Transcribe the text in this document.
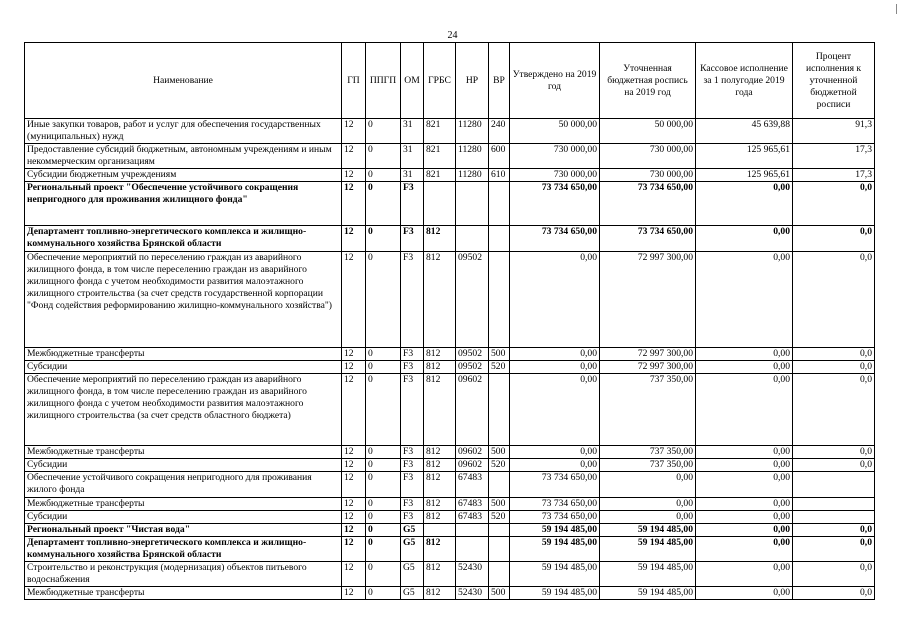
24
Наименование	ГП	ППГП	ОМ	ГРБС	НР	ВР	Утверждено на 2019 год	Уточненная бюджетная роспись на 2019 год	Кассовое исполнение за 1 полугодие 2019 года	Процент исполнения к уточненной бюджетной росписи
Иные закупки товаров, работ и услуг для обеспечения государственных (муниципальных) нужд	12	0	31	821	11280	240	50 000,00	50 000,00	45 639,88	91,3
Предоставление субсидий бюджетным, автономным учреждениям и иным некоммерческим организациям	12	0	31	821	11280	600	730 000,00	730 000,00	125 965,61	17,3
Субсидии бюджетным учреждениям	12	0	31	821	11280	610	730 000,00	730 000,00	125 965,61	17,3
Региональный проект "Обеспечение устойчивого сокращения непригодного для проживания жилищного фонда"	12	0	F3				73 734 650,00	73 734 650,00	0,00	0,0
Департамент топливно-энергетического комплекса и жилищно-коммунального хозяйства Брянской области	12	0	F3	812			73 734 650,00	73 734 650,00	0,00	0,0
Обеспечение мероприятий по переселению граждан из аварийного жилищного фонда, в том числе переселению граждан из аварийного жилищного фонда с учетом необходимости развития малоэтажного жилищного строительства (за счет средств государственной корпорации "Фонд содействия реформированию жилищно-коммунального хозяйства")	12	0	F3	812	09502		0,00	72 997 300,00	0,00	0,0
Межбюджетные трансферты	12	0	F3	812	09502	500	0,00	72 997 300,00	0,00	0,0
Субсидии	12	0	F3	812	09502	520	0,00	72 997 300,00	0,00	0,0
Обеспечение мероприятий по переселению граждан из аварийного жилищного фонда, в том числе переселению граждан из аварийного жилищного фонда с учетом необходимости развития малоэтажного жилищного строительства (за счет средств областного бюджета)	12	0	F3	812	09602		0,00	737 350,00	0,00	0,0
Межбюджетные трансферты	12	0	F3	812	09602	500	0,00	737 350,00	0,00	0,0
Субсидии	12	0	F3	812	09602	520	0,00	737 350,00	0,00	0,0
Обеспечение устойчивого сокращения непригодного для проживания жилого фонда	12	0	F3	812	67483		73 734 650,00	0,00	0,00	
Межбюджетные трансферты	12	0	F3	812	67483	500	73 734 650,00	0,00	0,00	
Субсидии	12	0	F3	812	67483	520	73 734 650,00	0,00	0,00	
Региональный проект "Чистая вода"	12	0	G5				59 194 485,00	59 194 485,00	0,00	0,0
Департамент топливно-энергетического комплекса и жилищно-коммунального хозяйства Брянской области	12	0	G5	812			59 194 485,00	59 194 485,00	0,00	0,0
Строительство и реконструкция (модернизация) объектов питьевого водоснабжения	12	0	G5	812	52430		59 194 485,00	59 194 485,00	0,00	0,0
Межбюджетные трансферты	12	0	G5	812	52430	500	59 194 485,00	59 194 485,00	0,00	0,0
